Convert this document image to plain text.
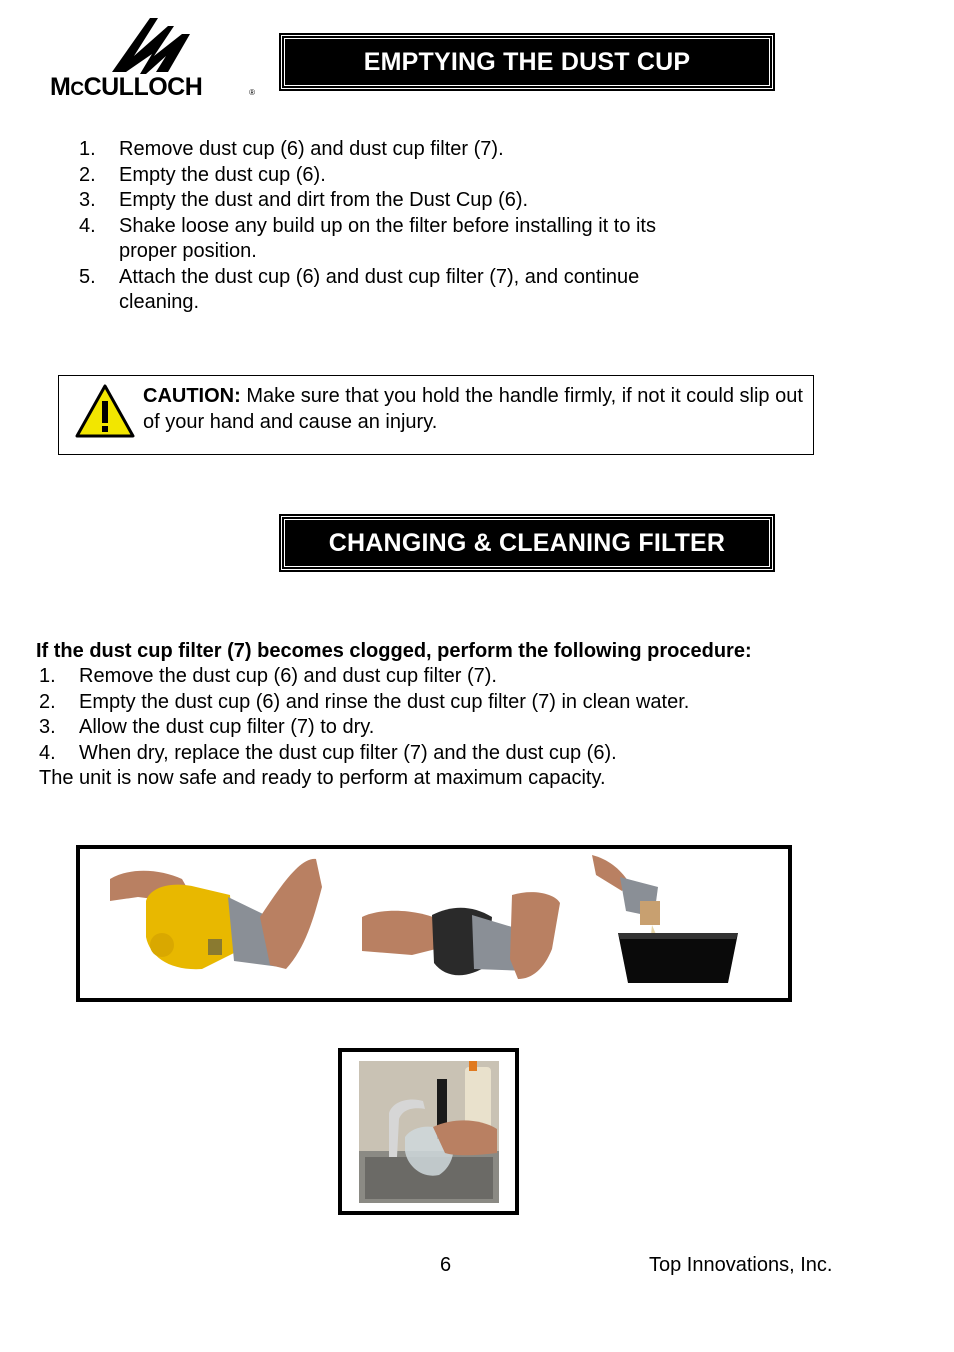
MCCULLOCH	®
EMPTYING THE DUST CUP
1. Remove dust cup (6) and dust cup filter (7).
2. Empty the dust cup (6).
3. Empty the dust and dirt from the Dust Cup (6).
4. Shake loose any build up on the filter before installing it to its proper position.
5. Attach the dust cup (6) and dust cup filter (7), and continue cleaning.
CAUTION: Make sure that you hold the handle firmly, if not it could slip out of your hand and cause an injury.
CHANGING & CLEANING FILTER
If the dust cup filter (7) becomes clogged, perform the following procedure:
1. Remove the dust cup (6) and dust cup filter (7).
2. Empty the dust cup (6) and rinse the dust cup filter (7) in clean water.
3. Allow the dust cup filter (7) to dry.
4. When dry, replace the dust cup filter (7) and the dust cup (6).
The unit is now safe and ready to perform at maximum capacity.
6	Top Innovations, Inc.
